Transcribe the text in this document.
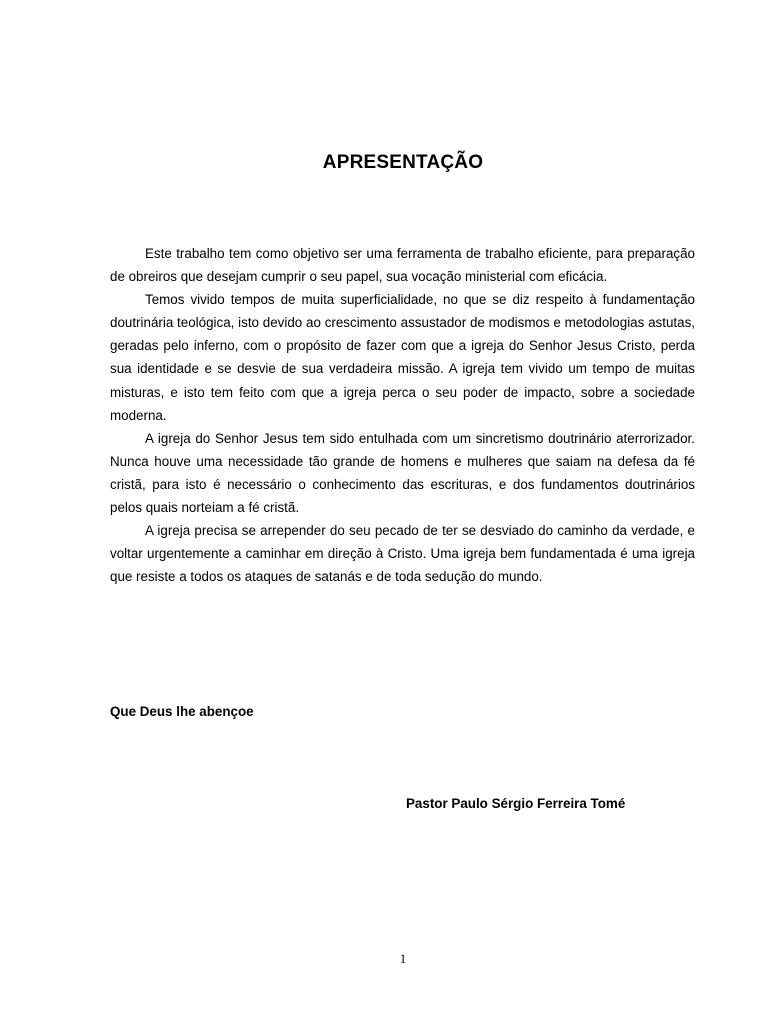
APRESENTAÇÃO

Este trabalho tem como objetivo ser uma ferramenta de trabalho eficiente, para preparação de obreiros que desejam cumprir o seu papel, sua vocação ministerial com eficácia.

Temos vivido tempos de muita superficialidade, no que se diz respeito à fundamentação doutrinária teológica, isto devido ao crescimento assustador de modismos e metodologias astutas, geradas pelo inferno, com o propósito de fazer com que a igreja do Senhor Jesus Cristo, perda sua identidade e se desvie de sua verdadeira missão. A igreja tem vivido um tempo de muitas misturas, e isto tem feito com que a igreja perca o seu poder de impacto, sobre a sociedade moderna.

A igreja do Senhor Jesus tem sido entulhada com um sincretismo doutrinário aterrorizador. Nunca houve uma necessidade tão grande de homens e mulheres que saiam na defesa da fé cristã, para isto é necessário o conhecimento das escrituras, e dos fundamentos doutrinários pelos quais norteiam a fé cristã.

A igreja precisa se arrepender do seu pecado de ter se desviado do caminho da verdade, e voltar urgentemente a caminhar em direção à Cristo. Uma igreja bem fundamentada é uma igreja que resiste a todos os ataques de satanás e de toda sedução do mundo.

Que Deus lhe abençoe
Pastor Paulo Sérgio Ferreira Tomé
1
